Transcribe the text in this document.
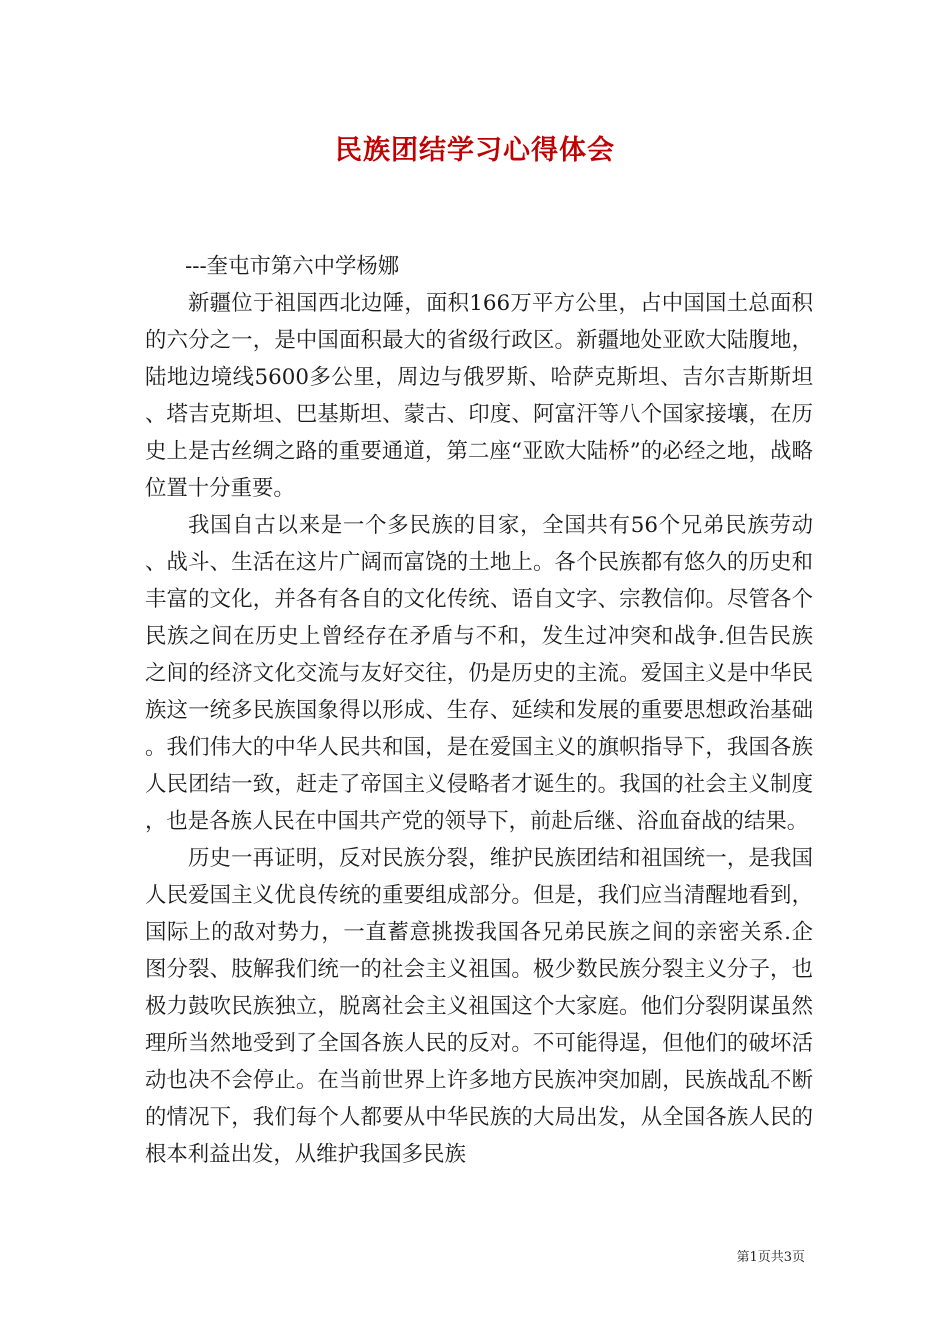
民族团结学习心得体会

---奎屯市第六中学杨娜

新疆位于祖国西北边陲，面积166万平方公里，占中国国土总面积的六分之一，是中国面积最大的省级行政区。新疆地处亚欧大陆腹地，陆地边境线5600多公里，周边与俄罗斯、哈萨克斯坦、吉尔吉斯斯坦、塔吉克斯坦、巴基斯坦、蒙古、印度、阿富汗等八个国家接壤，在历史上是古丝绸之路的重要通道，第二座“亚欧大陆桥”的必经之地，战略位置十分重要。

我国自古以来是一个多民族的目家，全国共有56个兄弟民族劳动、战斗、生活在这片广阔而富饶的土地上。各个民族都有悠久的历史和丰富的文化，并各有各自的文化传统、语自文字、宗教信仰。尽管各个民族之间在历史上曾经存在矛盾与不和，发生过冲突和战争.但告民族之间的经济文化交流与友好交往，仍是历史的主流。爱国主义是中华民族这一统多民族国象得以形成、生存、延续和发展的重要思想政治基础。我们伟大的中华人民共和国，是在爱国主义的旗帜指导下，我国各族人民团结一致，赶走了帝国主义侵略者才诞生的。我国的社会主义制度，也是各族人民在中国共产党的领导下，前赴后继、浴血奋战的结果。

历史一再证明，反对民族分裂，维护民族团结和祖国统一，是我国人民爱国主义优良传统的重要组成部分。但是，我们应当清醒地看到，国际上的敌对势力，一直蓄意挑拨我国各兄弟民族之间的亲密关系.企图分裂、肢解我们统一的社会主义祖国。极少数民族分裂主义分子，也极力鼓吹民族独立，脱离社会主义祖国这个大家庭。他们分裂阴谋虽然理所当然地受到了全国各族人民的反对。不可能得逞，但他们的破坏活动也决不会停止。在当前世界上许多地方民族冲突加剧，民族战乱不断的情况下，我们每个人都要从中华民族的大局出发，从全国各族人民的根本利益出发，从维护我国多民族

第1页共3页
